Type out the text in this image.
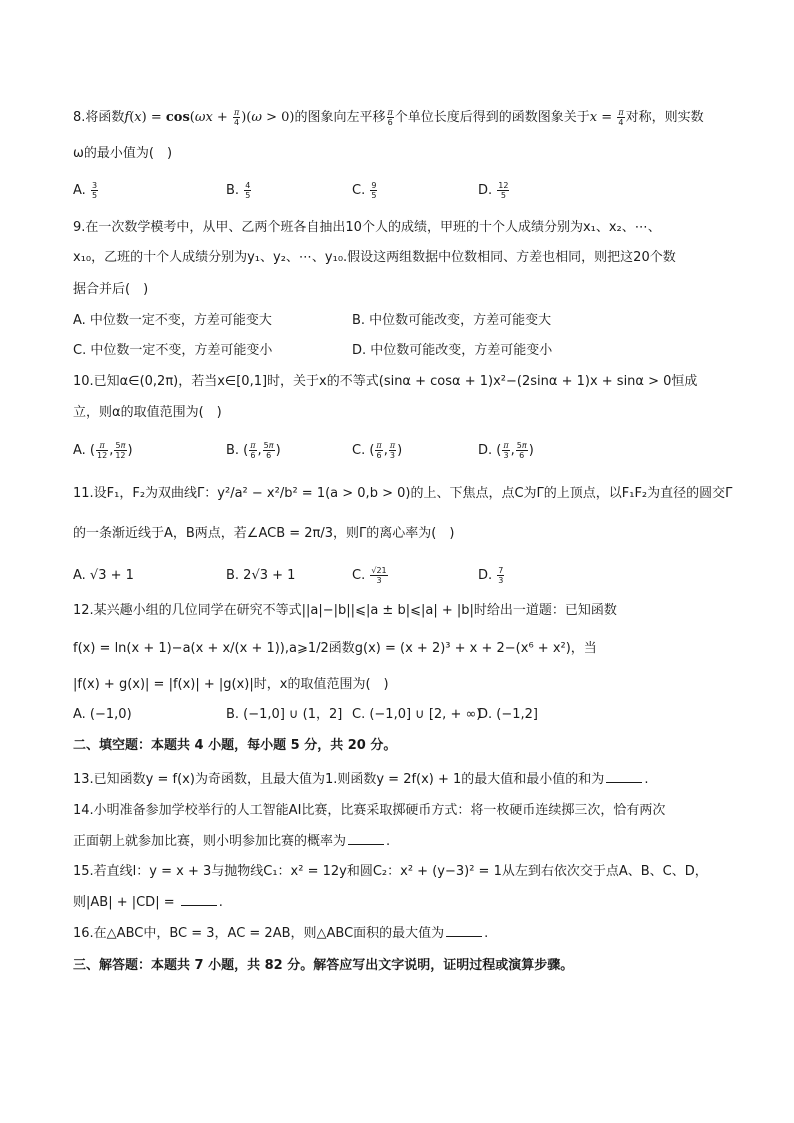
8.将函数$f(x) = \cos(\omega x + \frac{\pi}{4} )(\omega > 0)$的图象向左平移 $\frac{\pi}{6}$ 个单位长度后得到的函数图象关于$x = \frac{\pi}{4}$ 对称，则实数
ω的最小值为(　)
A. $\frac{3}{5}$	B. $\frac{4}{5}$	C. $\frac{9}{5}$	D. $\frac{12}{5}$
9.在一次数学模考中，从甲、乙两个班各自抽出10个人的成绩，甲班的十个人成绩分别为x₁、x₂、⋯、
x₁₀，乙班的十个人成绩分别为y₁、y₂、⋯、y₁₀.假设这两组数据中位数相同、方差也相同，则把这20个数
据合并后(　)
A. 中位数一定不变，方差可能变大	B. 中位数可能改变，方差可能变大
C. 中位数一定不变，方差可能变小	D. 中位数可能改变，方差可能变小
10.已知α∈(0,2π)，若当x∈[0,1]时，关于x的不等式(sinα + cosα + 1)x²−(2sinα + 1)x + sinα > 0恒成
立，则α的取值范围为(　)
A. ( $\frac{\pi}{12}$ , $\frac{5\pi}{12}$ )	B. ( $\frac{\pi}{6}$ , $\frac{5\pi}{6}$ )	C. ( $\frac{\pi}{6}$ , $\frac{\pi}{3}$ )	D. ( $\frac{\pi}{3}$ , $\frac{5\pi}{6}$ )
11.设F₁，F₂为双曲线Γ：y²/a² − x²/b² = 1(a > 0,b > 0)的上、下焦点，点C为Γ的上顶点，以F₁F₂为直径的圆交Γ
的一条渐近线于A，B两点，若∠ACB = 2π/3，则Γ的离心率为(　)
A. √3 + 1	B. 2√3 + 1	C. $\frac{√21}{3}$	D. $\frac{7}{3}$
12.某兴趣小组的几位同学在研究不等式||a|−|b||⩽|a ± b|⩽|a| + |b|时给出一道题：已知函数
f(x) = ln(x + 1)−a(x + x/(x + 1)),a⩾1/2函数g(x) = (x + 2)³ + x + 2−(x⁶ + x²)，当
|f(x) + g(x)| = |f(x)| + |g(x)|时，x的取值范围为(　)
A. (−1,0)	B. (−1,0] ∪ (1，2] C. (−1,0] ∪ [2, + ∞)
D. (−1,2]
二、填空题：本题共 4 小题，每小题 5 分，共 20 分。
13.已知函数y = f(x)为奇函数，且最大值为1.则函数y = 2f(x) + 1的最大值和最小值的和为	.
14.小明准备参加学校举行的人工智能AI比赛，比赛采取掷硬币方式：将一枚硬币连续掷三次，恰有两次
正面朝上就参加比赛，则小明参加比赛的概率为	.
15.若直线l：y = x + 3与抛物线C₁：x² = 12y和圆C₂：x² + (y−3)² = 1从左到右依次交于点A、B、C、D，
则|AB| + |CD| =	.
16.在△ABC中，BC = 3，AC = 2AB，则△ABC面积的最大值为	.
三、解答题：本题共 7 小题，共 82 分。解答应写出文字说明，证明过程或演算步骤。
